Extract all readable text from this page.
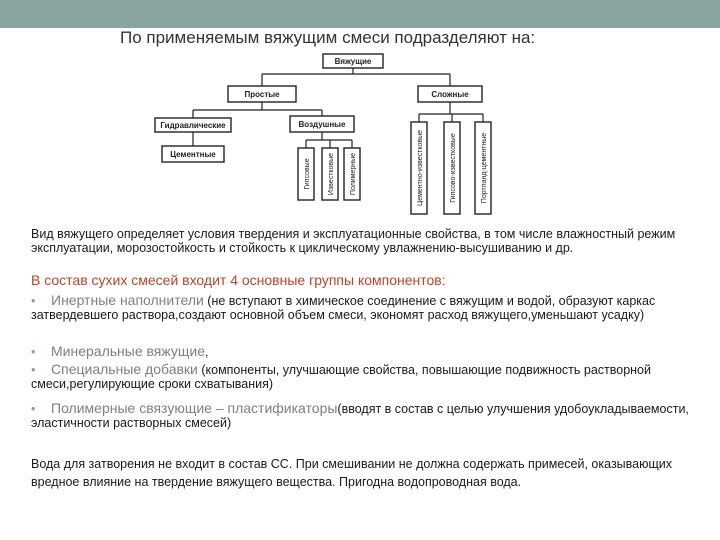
По применяемым вяжущим смеси подразделяют на:
Вяжущие
Простые	Сложные
Гидравлические
Цементные
Воздушные
Гипсовые Известковые Полимерные	Цементно-известковые	Гипсово-известковые	Портланд-цементные
Вид вяжущего определяет условия твердения и эксплуатационные свойства, в том числе влажностный режим эксплуатации, морозостойкость и стойкость к циклическому увлажнению-высушиванию и др.
В состав сухих смесей входит 4 основные группы компонентов:
• Инертные наполнители (не вступают в химическое соединение с вяжущим и водой, образуют каркас затвердевшего раствора,создают основной объем смеси, экономят расход вяжущего,уменьшают усадку)
• Минеральные вяжущие,
• Специальные добавки (компоненты, улучшающие свойства, повышающие подвижность растворной смеси,регулирующие сроки схватывания)
• Полимерные связующие – пластификаторы(вводят в состав с целью улучшения удобоукладываемости, эластичности растворных смесей)
Вода для затворения не входит в состав СС. При смешивании не должна содержать примесей, оказывающих вредное влияние на твердение вяжущего вещества. Пригодна водопроводная вода.
